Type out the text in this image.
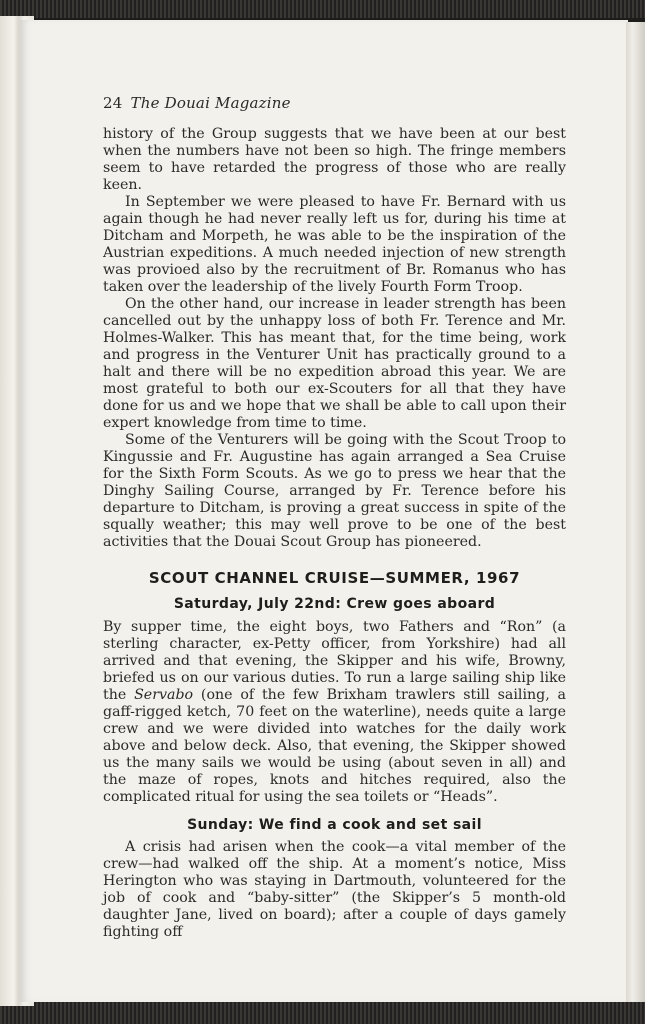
24 The Douai Magazine

history of the Group suggests that we have been at our best when the numbers have not been so high. The fringe members seem to have retarded the progress of those who are really keen.

In September we were pleased to have Fr. Bernard with us again though he had never really left us for, during his time at Ditcham and Morpeth, he was able to be the inspiration of the Austrian expeditions. A much needed injection of new strength was provioed also by the recruitment of Br. Romanus who has taken over the leadership of the lively Fourth Form Troop.

On the other hand, our increase in leader strength has been cancelled out by the unhappy loss of both Fr. Terence and Mr. Holmes-Walker. This has meant that, for the time being, work and progress in the Venturer Unit has practically ground to a halt and there will be no expedition abroad this year. We are most grateful to both our ex-Scouters for all that they have done for us and we hope that we shall be able to call upon their expert knowledge from time to time.

Some of the Venturers will be going with the Scout Troop to Kingussie and Fr. Augustine has again arranged a Sea Cruise for the Sixth Form Scouts. As we go to press we hear that the Dinghy Sailing Course, arranged by Fr. Terence before his departure to Ditcham, is proving a great success in spite of the squally weather; this may well prove to be one of the best activities that the Douai Scout Group has pioneered.

SCOUT CHANNEL CRUISE—SUMMER, 1967
Saturday, July 22nd: Crew goes aboard

By supper time, the eight boys, two Fathers and “Ron” (a sterling character, ex-Petty officer, from Yorkshire) had all arrived and that evening, the Skipper and his wife, Browny, briefed us on our various duties. To run a large sailing ship like the Servabo (one of the few Brixham trawlers still sailing, a gaff-rigged ketch, 70 feet on the waterline), needs quite a large crew and we were divided into watches for the daily work above and below deck. Also, that evening, the Skipper showed us the many sails we would be using (about seven in all) and the maze of ropes, knots and hitches required, also the complicated ritual for using the sea toilets or “Heads”.

Sunday: We find a cook and set sail

A crisis had arisen when the cook—a vital member of the crew—had walked off the ship. At a moment’s notice, Miss Herington who was staying in Dartmouth, volunteered for the job of cook and “baby-sitter” (the Skipper’s 5 month-old daughter Jane, lived on board); after a couple of days gamely fighting off
